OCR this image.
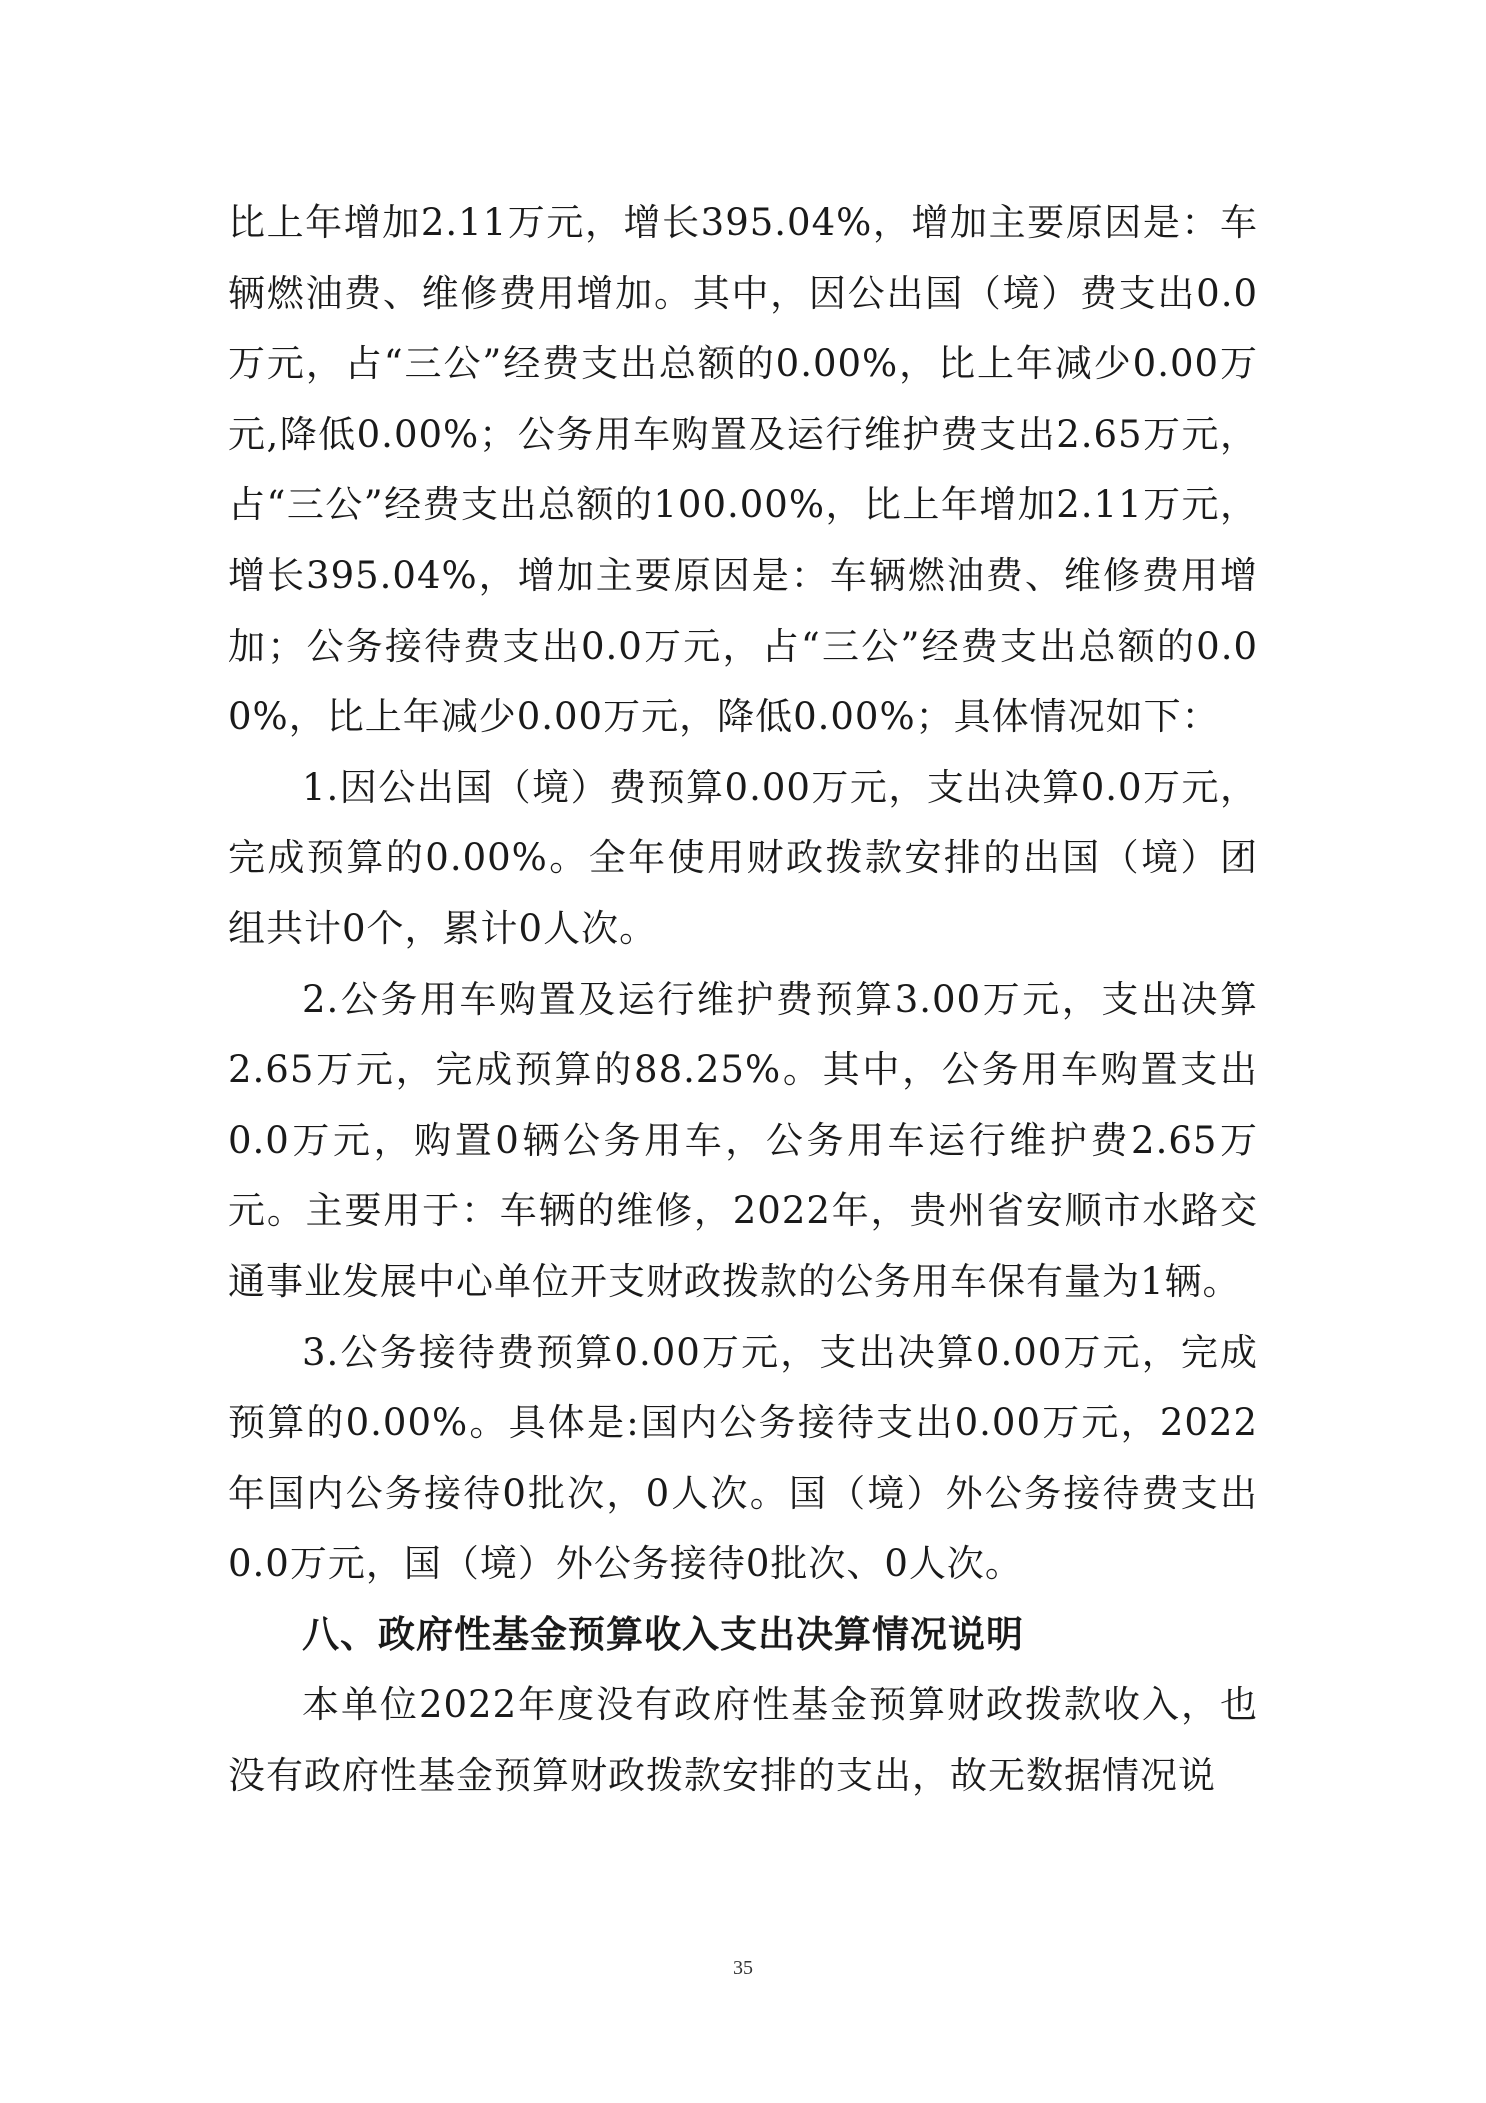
比上年增加2.11万元，增长395.04%，增加主要原因是：车辆燃油费、维修费用增加。其中，因公出国（境）费支出0.0万元，占“三公”经费支出总额的0.00%，比上年减少0.00万元,降低0.00%；公务用车购置及运行维护费支出2.65万元，占“三公”经费支出总额的100.00%，比上年增加2.11万元，增长395.04%，增加主要原因是：车辆燃油费、维修费用增加；公务接待费支出0.0万元，占“三公”经费支出总额的0.00%，比上年减少0.00万元，降低0.00%；具体情况如下：

1.因公出国（境）费预算0.00万元，支出决算0.0万元，完成预算的0.00%。全年使用财政拨款安排的出国（境）团组共计0个，累计0人次。

2.公务用车购置及运行维护费预算3.00万元，支出决算2.65万元，完成预算的88.25%。其中，公务用车购置支出0.0万元，购置0辆公务用车，公务用车运行维护费2.65万元。主要用于：车辆的维修，2022年，贵州省安顺市水路交通事业发展中心单位开支财政拨款的公务用车保有量为1辆。

3.公务接待费预算0.00万元，支出决算0.00万元，完成预算的0.00%。具体是:国内公务接待支出0.00万元，2022年国内公务接待0批次，0人次。国（境）外公务接待费支出0.0万元，国（境）外公务接待0批次、0人次。

八、政府性基金预算收入支出决算情况说明

本单位2022年度没有政府性基金预算财政拨款收入，也没有政府性基金预算财政拨款安排的支出，故无数据情况说

35
